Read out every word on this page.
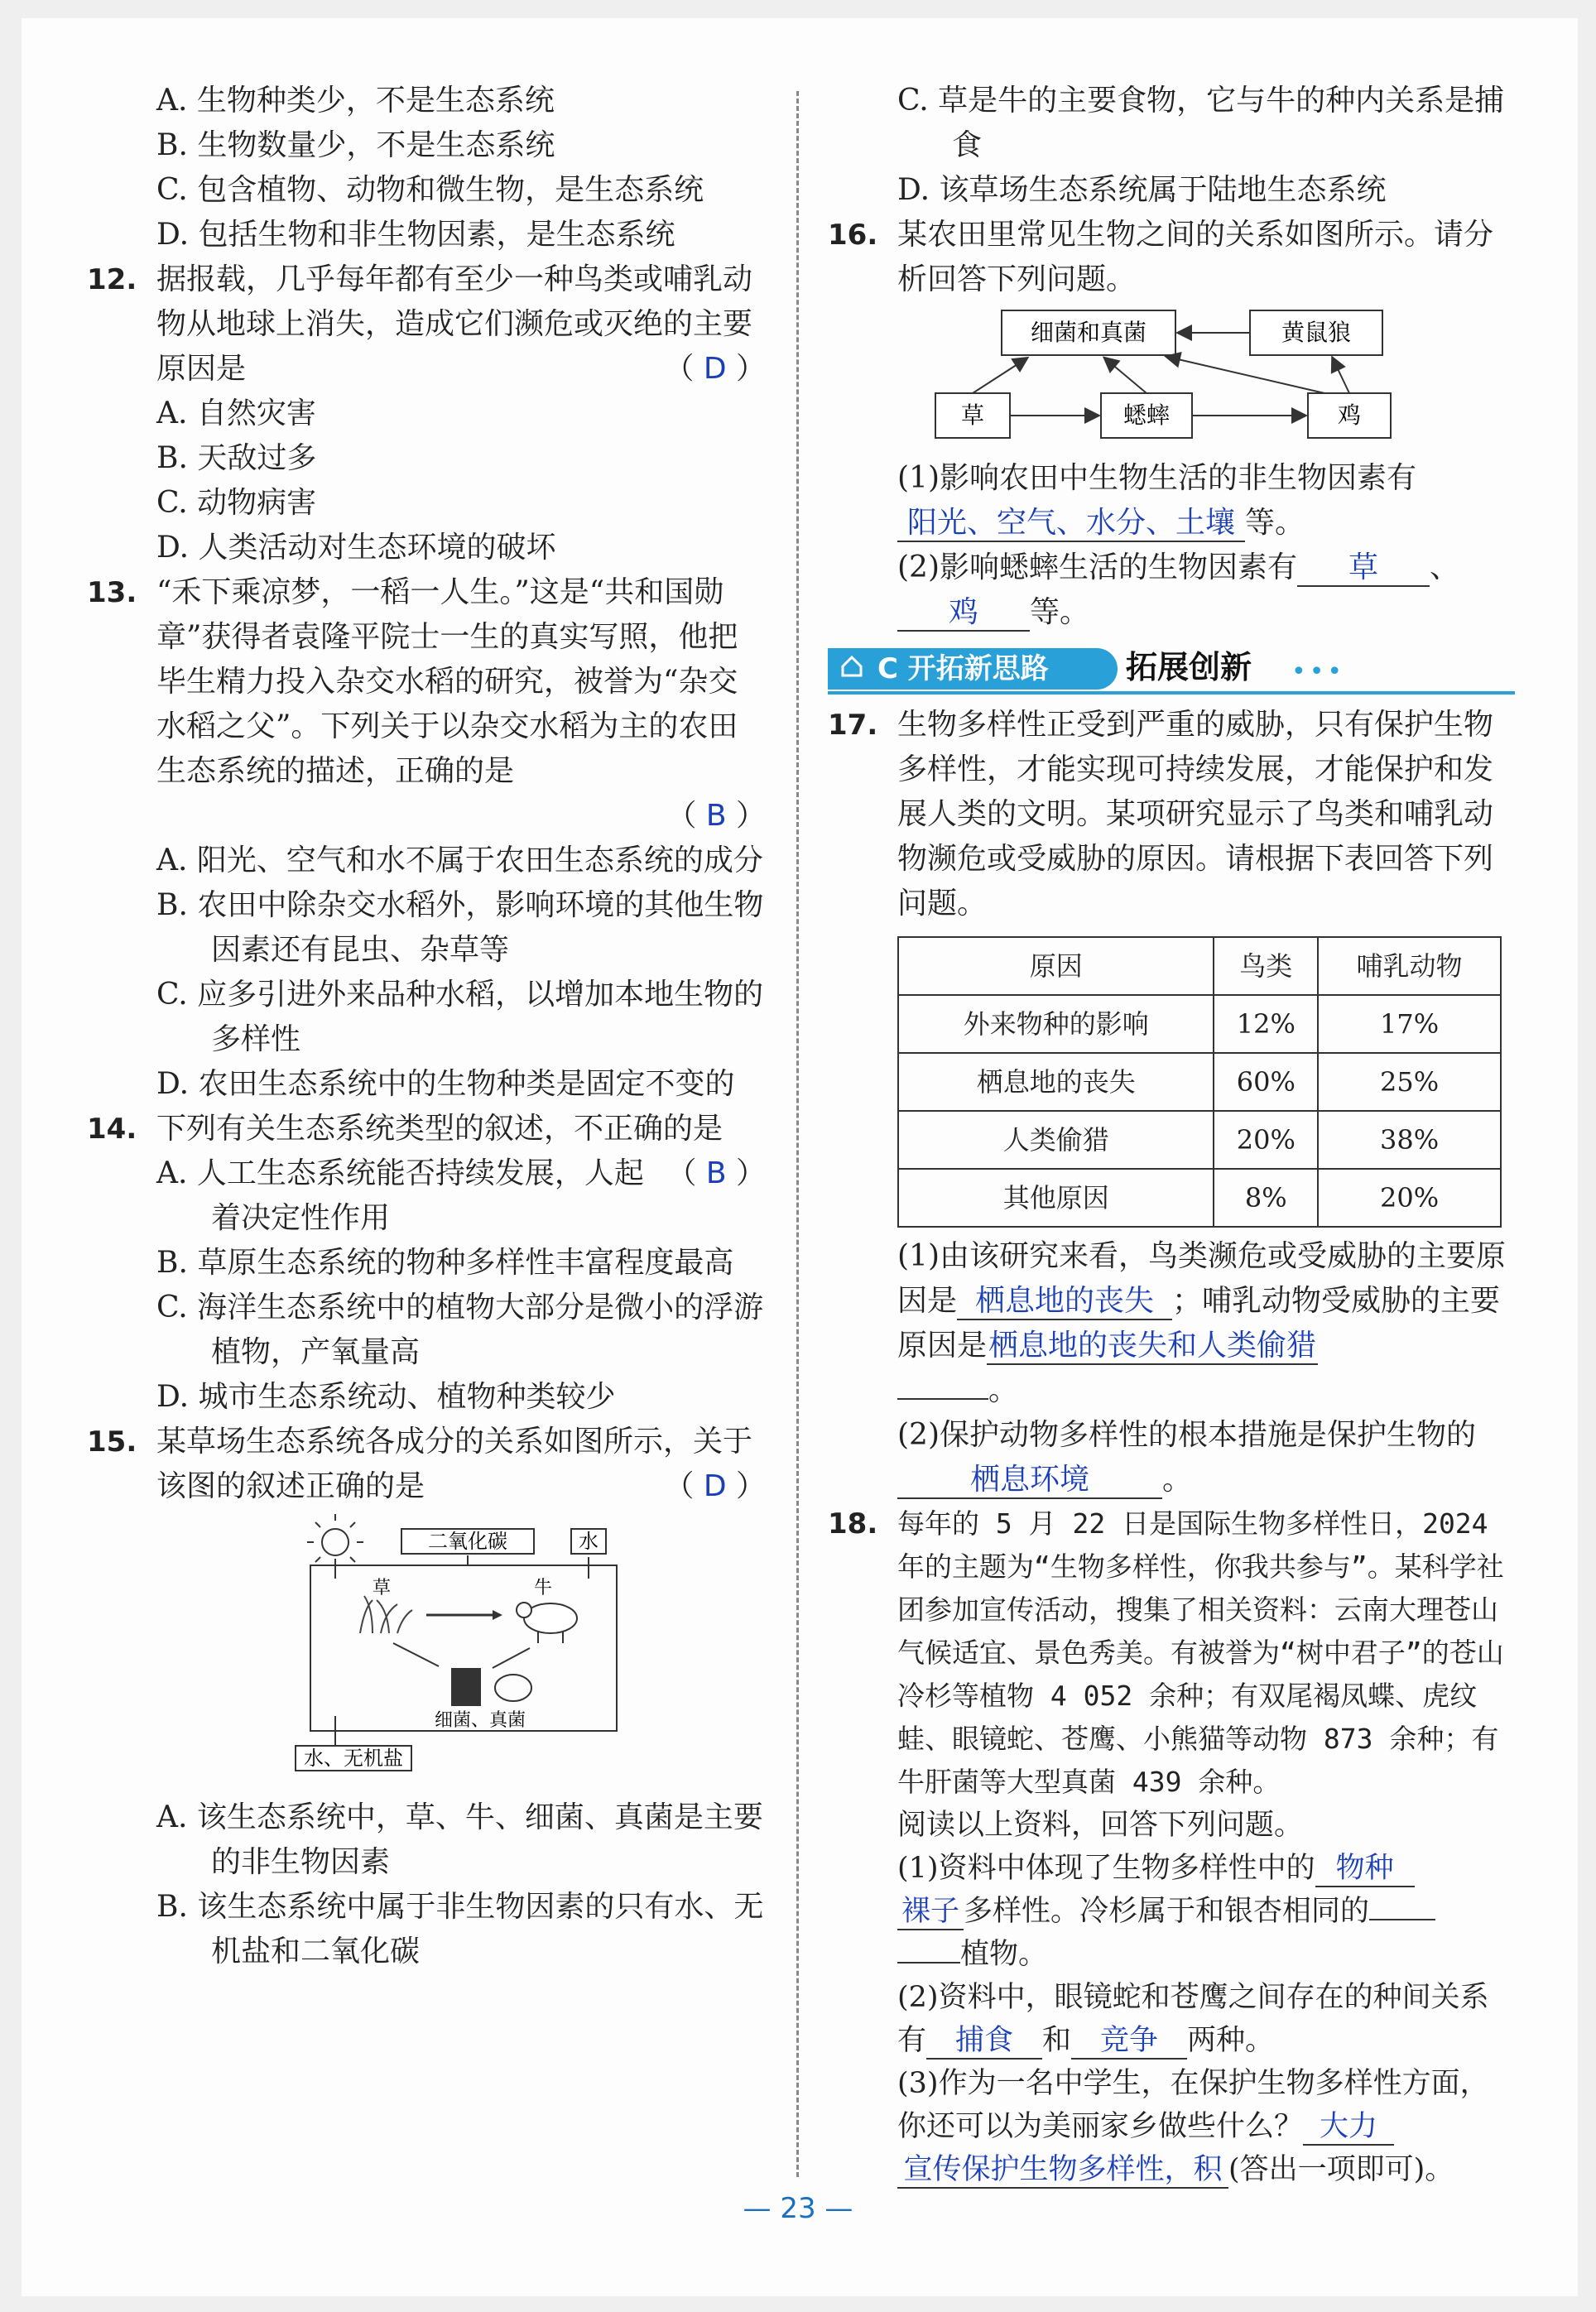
A. 生物种类少，不是生态系统

B. 生物数量少，不是生态系统

C. 包含植物、动物和微生物，是生态系统

D. 包括生物和非生物因素，是生态系统

12. 据报载，几乎每年都有至少一种鸟类或哺乳动物从地球上消失，造成它们濒危或灭绝的主要原因是	（ D ）

A. 自然灾害

B. 天敌过多

C. 动物病害

D. 人类活动对生态环境的破坏

13. “禾下乘凉梦，一稻一人生。”这是“共和国勋章”获得者袁隆平院士一生的真实写照，他把毕生精力投入杂交水稻的研究，被誉为“杂交水稻之父”。下列关于以杂交水稻为主的农田生态系统的描述，正确的是

（ B ）

A. 阳光、空气和水不属于农田生态系统的成分

B. 农田中除杂交水稻外，影响环境的其他生物因素还有昆虫、杂草等

C. 应多引进外来品种水稻，以增加本地生物的多样性

D. 农田生态系统中的生物种类是固定不变的

14. 下列有关生态系统类型的叙述，不正确的是
（ B ）

A. 人工生态系统能否持续发展，人起着决定性作用

B. 草原生态系统的物种多样性丰富程度最高

C. 海洋生态系统中的植物大部分是微小的浮游植物，产氧量高

D. 城市生态系统动、植物种类较少

15. 某草场生态系统各成分的关系如图所示，关于该图的叙述正确的是	（ D ）

二氧化碳	水
草	牛
细菌、真菌
水、无机盐

A. 该生态系统中，草、牛、细菌、真菌是主要的非生物因素

B. 该生态系统中属于非生物因素的只有水、无机盐和二氧化碳

C. 草是牛的主要食物，它与牛的种内关系是捕食

D. 该草场生态系统属于陆地生态系统

16. 某农田里常见生物之间的关系如图所示。请分析回答下列问题。

细菌和真菌	黄鼠狼
草	蟋蟀	鸡

(1)影响农田中生物生活的非生物因素有阳光、空气、水分、土壤 等。

(2)影响蟋蟀生活的生物因素有 草 、
鸡 等。

C 开拓新思路	拓展创新 •••
17. 生物多样性正受到严重的威胁，只有保护生物多样性，才能实现可持续发展，才能保护和发展人类的文明。某项研究显示了鸟类和哺乳动物濒危或受威胁的原因。请根据下表回答下列问题。

原因	鸟类	哺乳动物
外来物种的影响	12%	17%
栖息地的丧失	60%	25%
人类偷猎	20%	38%
其他原因	8%	20%

(1)由该研究来看，鸟类濒危或受威胁的主要原因是 栖息地的丧失 ；哺乳动物受威胁的主要原因是栖息地的丧失和人类偷猎
。

(2)保护动物多样性的根本措施是保护生物的栖息环境 。

18. 每年的 5 月 22 日是国际生物多样性日，2024 年的主题为“生物多样性，你我共参与”。某科学社团参加宣传活动，搜集了相关资料：云南大理苍山气候适宜、景色秀美。有被誉为“树中君子”的苍山冷杉等植物 4 052 余种；有双尾褐凤蝶、虎纹蛙、眼镜蛇、苍鹰、小熊猫等动物 873 余种；有牛肝菌等大型真菌 439 余种。

阅读以上资料，回答下列问题。

(1)资料中体现了生物多样性中的 物种
裸子 多样性。冷杉属于和银杏相同的
植物。

(2)资料中，眼镜蛇和苍鹰之间存在的种间关系有 捕食 和 竞争 两种。

(3)作为一名中学生，在保护生物多样性方面，你还可以为美丽家乡做些什么？ 大力
宣传保护生物多样性，积 (答出一项即可)。

— 23 —
